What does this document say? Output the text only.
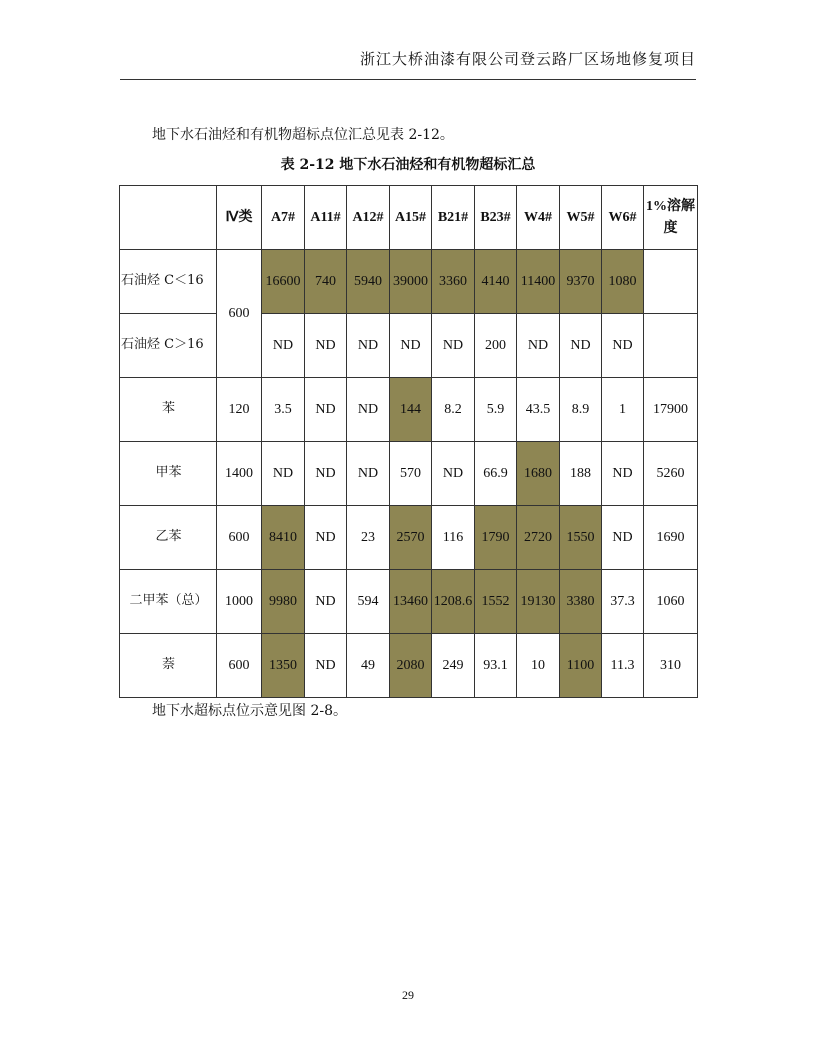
浙江大桥油漆有限公司登云路厂区场地修复项目
地下水石油烃和有机物超标点位汇总见表 2-12。
表 2-12 地下水石油烃和有机物超标汇总
	Ⅳ类	A7#	A11#	A12#	A15#	B21#	B23#	W4#	W5#	W6#	1%溶解度
石油烃 C＜16	600	16600	740	5940	39000	3360	4140	11400	9370	1080	
石油烃 C＞16		ND	ND	ND	ND	ND	200	ND	ND	ND	
苯	120	3.5	ND	ND	144	8.2	5.9	43.5	8.9	1	17900
甲苯	1400	ND	ND	ND	570	ND	66.9	1680	188	ND	5260
乙苯	600	8410	ND	23	2570	116	1790	2720	1550	ND	1690
二甲苯（总）	1000	9980	ND	594	13460	1208.6	1552	19130	3380	37.3	1060
萘	600	1350	ND	49	2080	249	93.1	10	1100	11.3	310
地下水超标点位示意见图 2-8。
29
